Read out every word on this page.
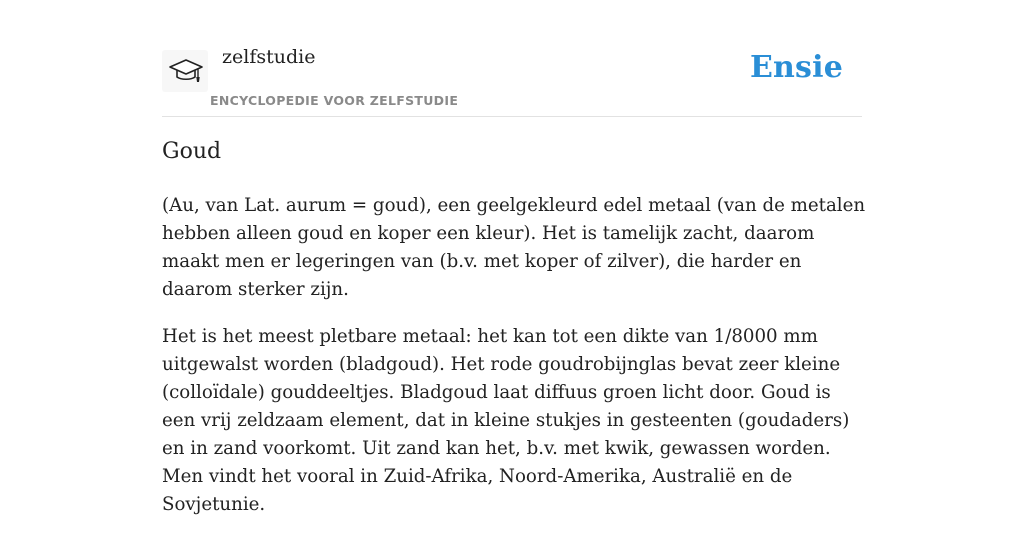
zelfstudie
ENCYCLOPEDIE VOOR ZELFSTUDIE
Ensie
Goud

(Au, van Lat. aurum = goud), een geelgekleurd edel metaal (van de metalen hebben alleen goud en koper een kleur). Het is tamelijk zacht, daarom maakt men er legeringen van (b.v. met koper of zilver), die harder en daarom sterker zijn.

Het is het meest pletbare metaal: het kan tot een dikte van 1/8000 mm uitgewalst worden (bladgoud). Het rode goudrobijnglas bevat zeer kleine (colloïdale) gouddeeltjes. Bladgoud laat diffuus groen licht door. Goud is een vrij zeldzaam element, dat in kleine stukjes in gesteenten (goudaders) en in zand voorkomt. Uit zand kan het, b.v. met kwik, gewassen worden. Men vindt het vooral in Zuid-Afrika, Noord-Amerika, Australië en de Sovjetunie.
